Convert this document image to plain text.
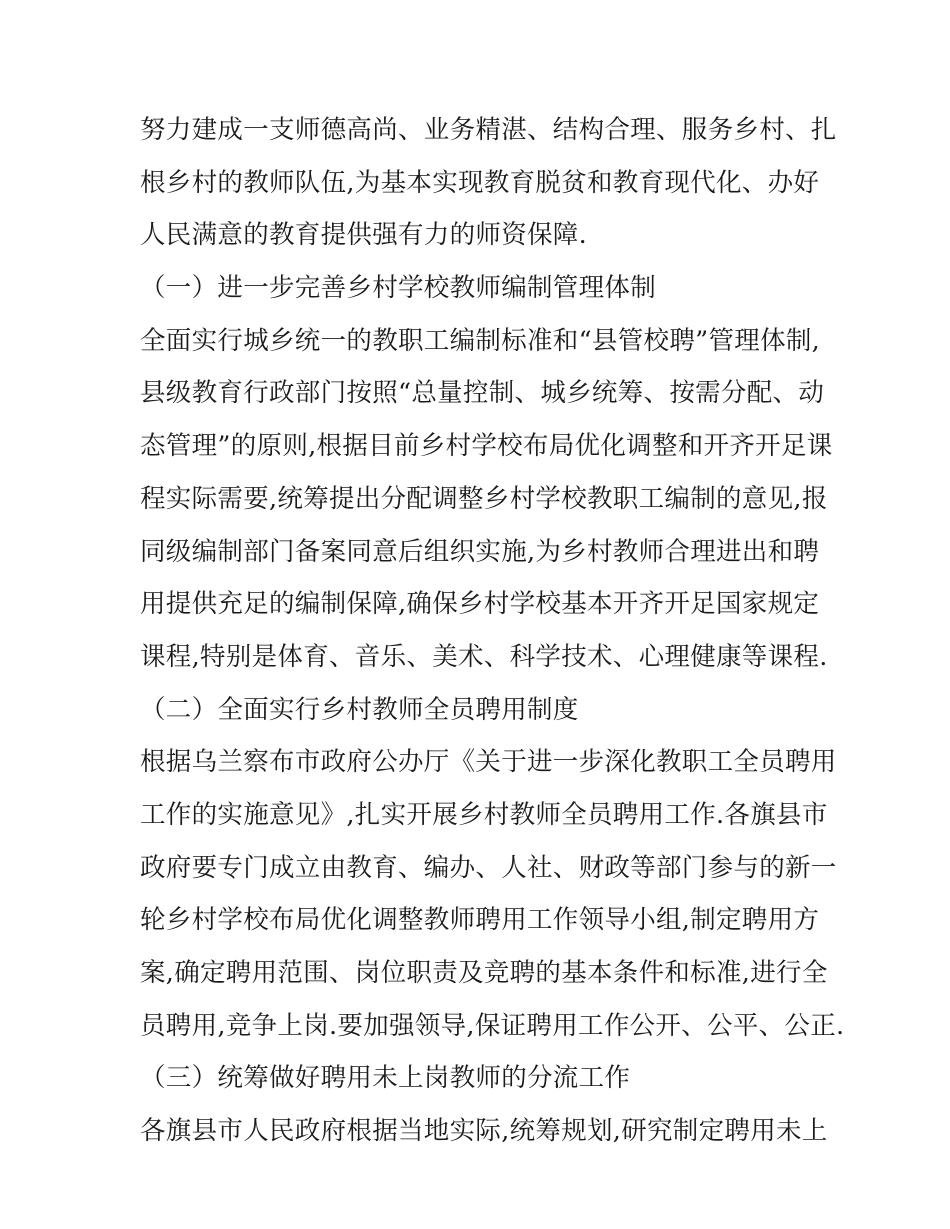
努力建成一支师德高尚、业务精湛、结构合理、服务乡村、扎
根乡村的教师队伍,为基本实现教育脱贫和教育现代化、办好
人民满意的教育提供强有力的师资保障.
（一）进一步完善乡村学校教师编制管理体制
全面实行城乡统一的教职工编制标准和“县管校聘”管理体制,
县级教育行政部门按照“总量控制、城乡统筹、按需分配、动
态管理”的原则,根据目前乡村学校布局优化调整和开齐开足课
程实际需要,统筹提出分配调整乡村学校教职工编制的意见,报
同级编制部门备案同意后组织实施,为乡村教师合理进出和聘
用提供充足的编制保障,确保乡村学校基本开齐开足国家规定
课程,特别是体育、音乐、美术、科学技术、心理健康等课程.
（二）全面实行乡村教师全员聘用制度
根据乌兰察布市政府公办厅《关于进一步深化教职工全员聘用
工作的实施意见》,扎实开展乡村教师全员聘用工作.各旗县市
政府要专门成立由教育、编办、人社、财政等部门参与的新一
轮乡村学校布局优化调整教师聘用工作领导小组,制定聘用方
案,确定聘用范围、岗位职责及竞聘的基本条件和标准,进行全
员聘用,竞争上岗.要加强领导,保证聘用工作公开、公平、公正.
（三）统筹做好聘用未上岗教师的分流工作
各旗县市人民政府根据当地实际,统筹规划,研究制定聘用未上
